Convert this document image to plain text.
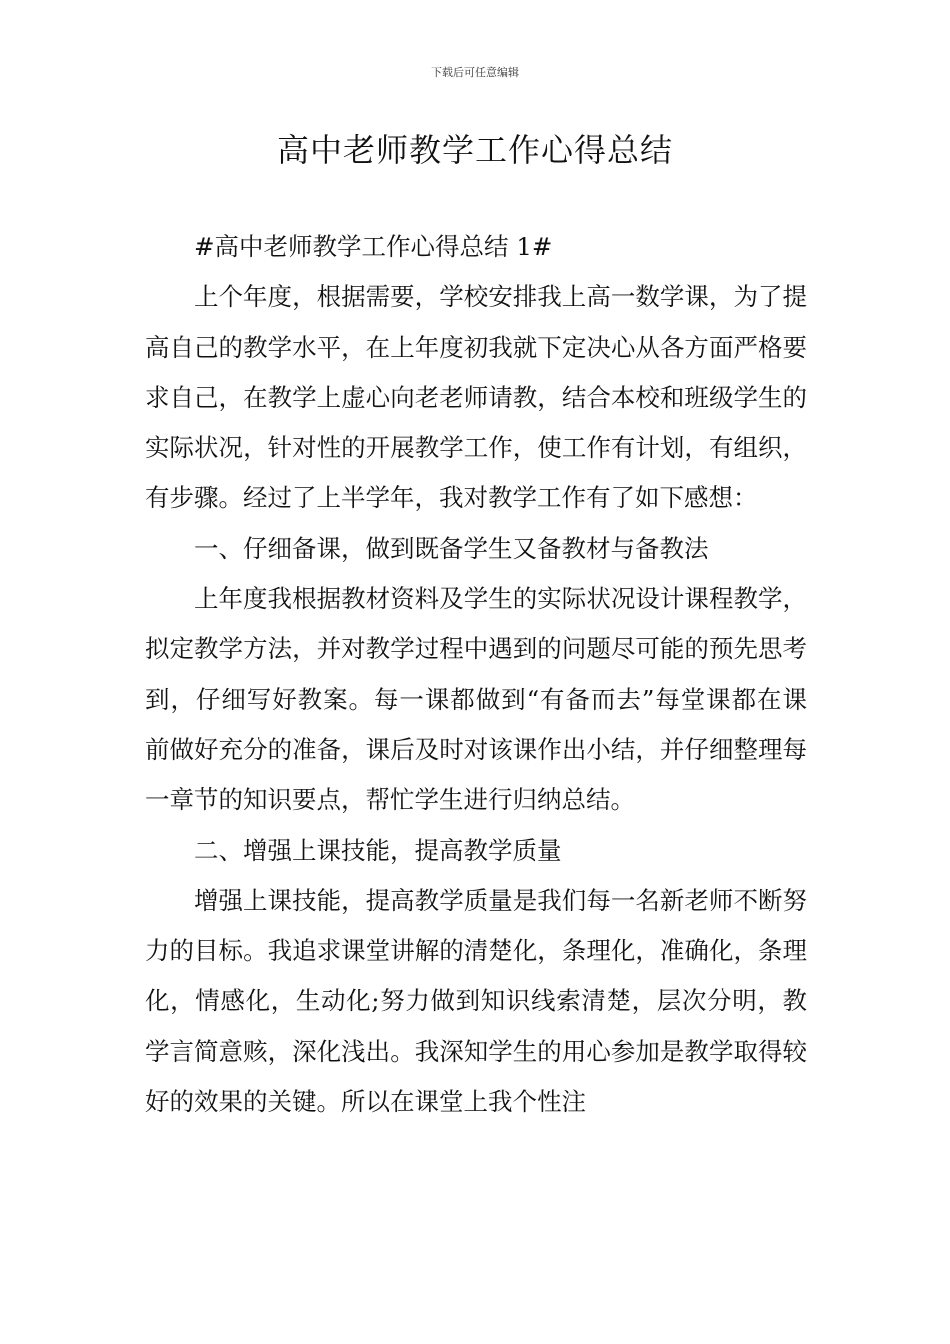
下载后可任意编辑
高中老师教学工作心得总结

#高中老师教学工作心得总结 1#

上个年度，根据需要，学校安排我上高一数学课，为了提高自己的教学水平，在上年度初我就下定决心从各方面严格要求自己，在教学上虚心向老老师请教，结合本校和班级学生的实际状况，针对性的开展教学工作，使工作有计划，有组织，有步骤。经过了上半学年，我对教学工作有了如下感想：

一、仔细备课，做到既备学生又备教材与备教法

上年度我根据教材资料及学生的实际状况设计课程教学，拟定教学方法，并对教学过程中遇到的问题尽可能的预先思考到，仔细写好教案。每一课都做到“有备而去”每堂课都在课前做好充分的准备，课后及时对该课作出小结，并仔细整理每一章节的知识要点，帮忙学生进行归纳总结。

二、增强上课技能，提高教学质量

增强上课技能，提高教学质量是我们每一名新老师不断努力的目标。我追求课堂讲解的清楚化，条理化，准确化，条理化，情感化，生动化;努力做到知识线索清楚，层次分明，教学言简意赅，深化浅出。我深知学生的用心参加是教学取得较好的效果的关键。所以在课堂上我个性注
